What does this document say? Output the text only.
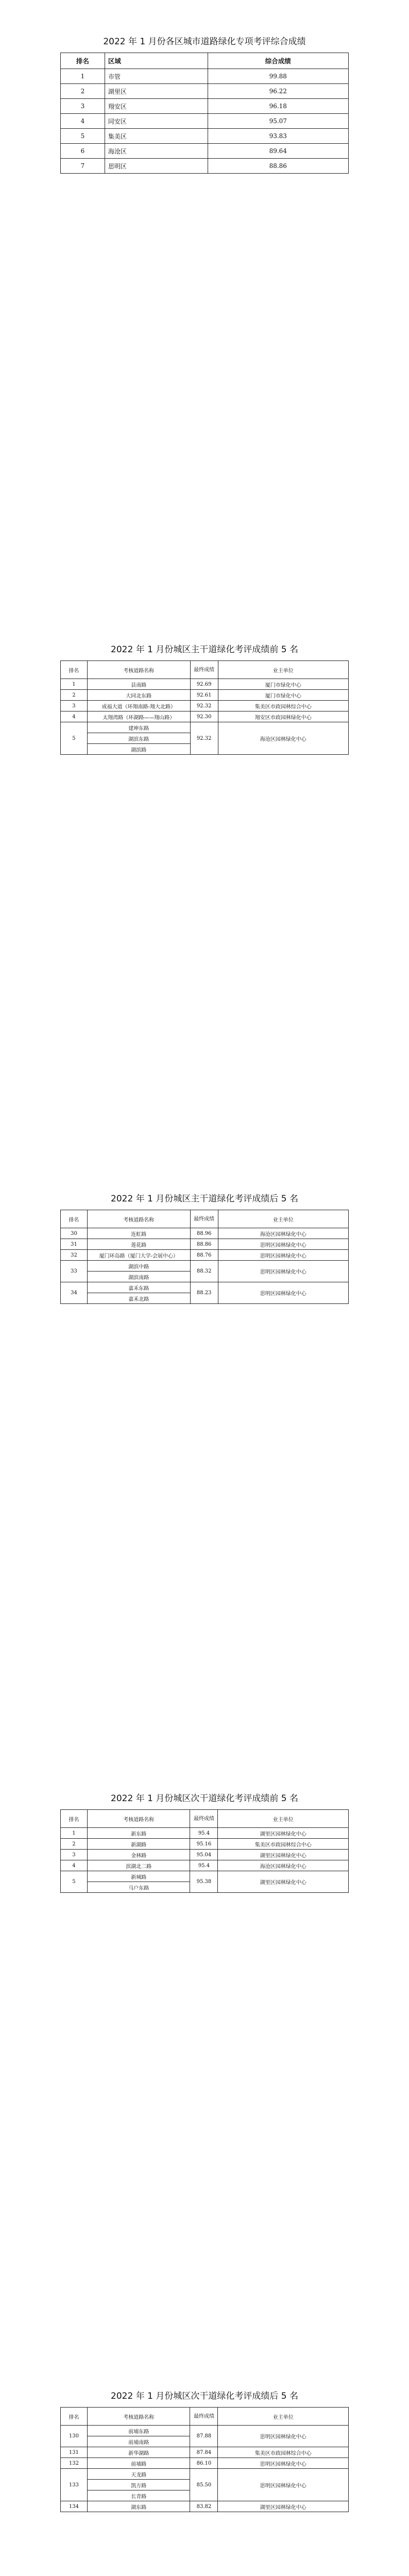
2022 年 1 月份各区城市道路绿化专项考评综合成绩
排名	区域	综合成绩
1	市管	99.88
2	湖里区	96.22
3	翔安区	96.18
4	同安区	95.07
5	集美区	93.83
6	海沧区	89.64
7	思明区	88.86
2022 年 1 月份城区主干道绿化考评成绩前 5 名
排名	考核道路名称	最终成绩	业主单位
1	县南路	92.69	厦门市绿化中心
2	大同北东路	92.61	厦门市绿化中心
3	成福大道（环翔南路-翔大北路）	92.32	集美区市政园林综合中心
4	太翔湾路（环湖路——翔山路）	92.30	翔安区市政园林绿化中心
5	建坤东路	92.32	海沧区园林绿化中心
	湖滨东路		
	湖滨路		
2022 年 1 月份城区主干道绿化考评成绩后 5 名
排名	考核道路名称	最终成绩	业主单位
30	连虹路	88.96	海沧区园林绿化中心
31	莲花路	88.86	思明区园林绿化中心
32	厦门环岛路（厦门大学-会展中心）	88.76	思明区园林绿化中心
33	湖滨中路	88.32	思明区园林绿化中心
	湖滨南路		
34	嘉禾东路	88.23	思明区园林绿化中心
	嘉禾北路		
2022 年 1 月份城区次干道绿化考评成绩前 5 名
排名	考核道路名称	最终成绩	业主单位
1	新东路	95.4	湖里区园林绿化中心
2	新湖路	95.16	集美区市政园林综合中心
3	金林路	95.04	湖里区园林绿化中心
4	滨湖北二路	95.4	海沧区园林绿化中心
5	新城路	95.38	湖里区园林绿化中心
	马户东路		
2022 年 1 月份城区次干道绿化考评成绩后 5 名
排名	考核道路名称	最终成绩	业主单位
130	前埔东路	87.88	思明区园林绿化中心
	前埔南路		
131	新华湖路	87.84	集美区市政园林综合中心
132	前埔路	86.10	思明区园林绿化中心
133	天龙路	85.50	思明区园林绿化中心
	凯方路		
	长青路		
134	湖东路	83.82	湖里区园林绿化中心
